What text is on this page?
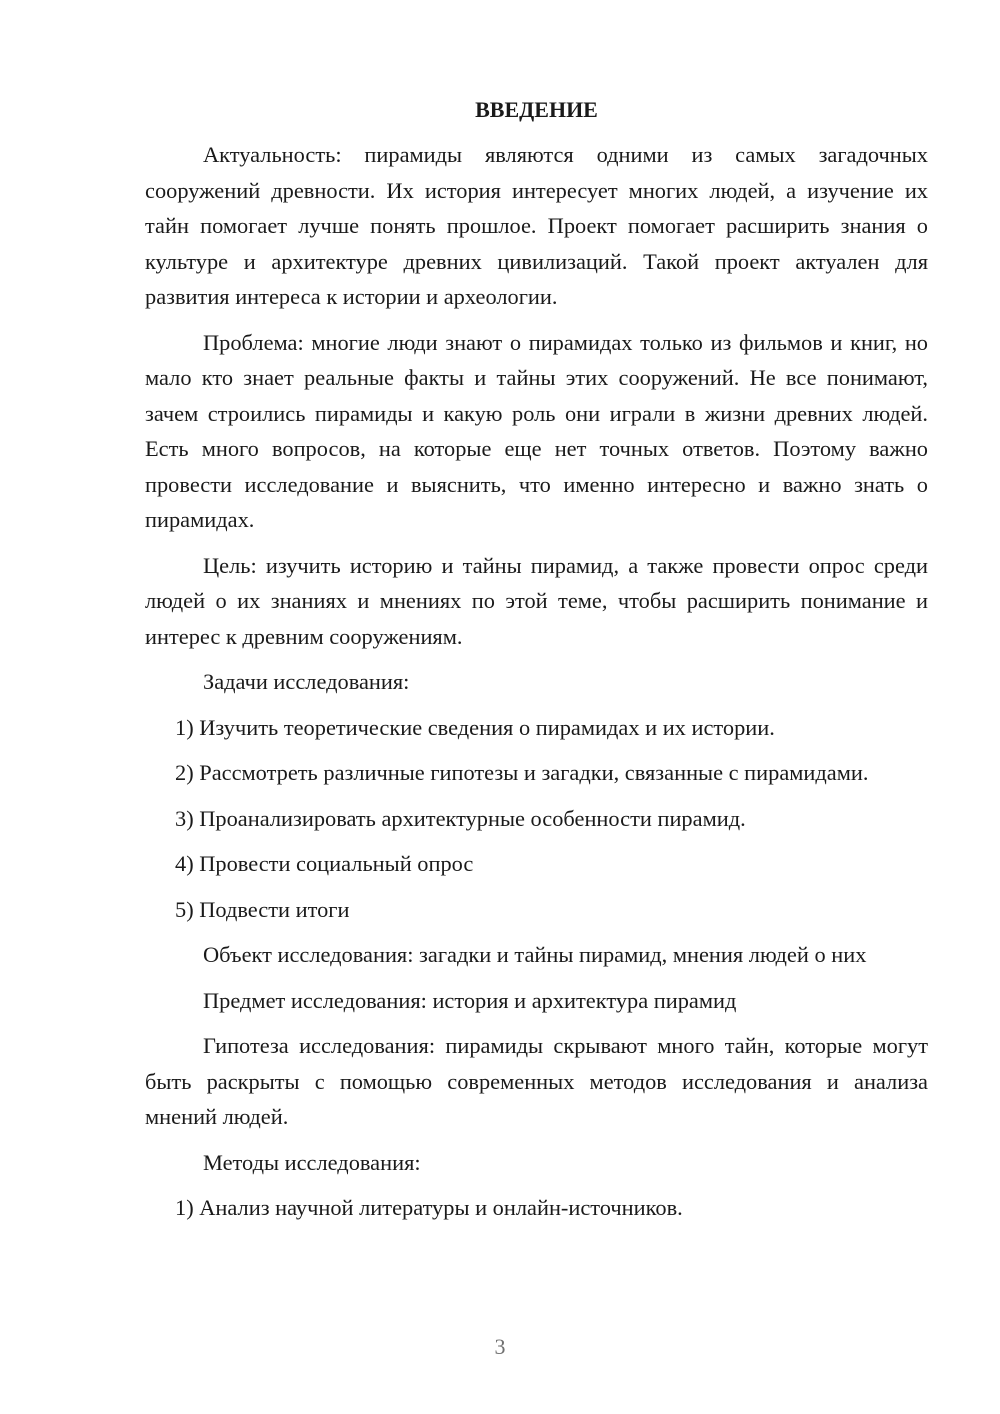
ВВЕДЕНИЕ
Актуальность: пирамиды являются одними из самых загадочных сооружений древности. Их история интересует многих людей, а изучение их тайн помогает лучше понять прошлое. Проект помогает расширить знания о культуре и архитектуре древних цивилизаций. Такой проект актуален для развития интереса к истории и археологии.
Проблема: многие люди знают о пирамидах только из фильмов и книг, но мало кто знает реальные факты и тайны этих сооружений. Не все понимают, зачем строились пирамиды и какую роль они играли в жизни древних людей. Есть много вопросов, на которые еще нет точных ответов. Поэтому важно провести исследование и выяснить, что именно интересно и важно знать о пирамидах.
Цель: изучить историю и тайны пирамид, а также провести опрос среди людей о их знаниях и мнениях по этой теме, чтобы расширить понимание и интерес к древним сооружениям.
Задачи исследования:
1) Изучить теоретические сведения о пирамидах и их истории.
2) Рассмотреть различные гипотезы и загадки, связанные с пирамидами.
3) Проанализировать архитектурные особенности пирамид.
4) Провести социальный опрос
5) Подвести итоги
Объект исследования: загадки и тайны пирамид, мнения людей о них
Предмет исследования: история и архитектура пирамид
Гипотеза исследования: пирамиды скрывают много тайн, которые могут быть раскрыты с помощью современных методов исследования и анализа мнений людей.
Методы исследования:
1) Анализ научной литературы и онлайн-источников.
3
